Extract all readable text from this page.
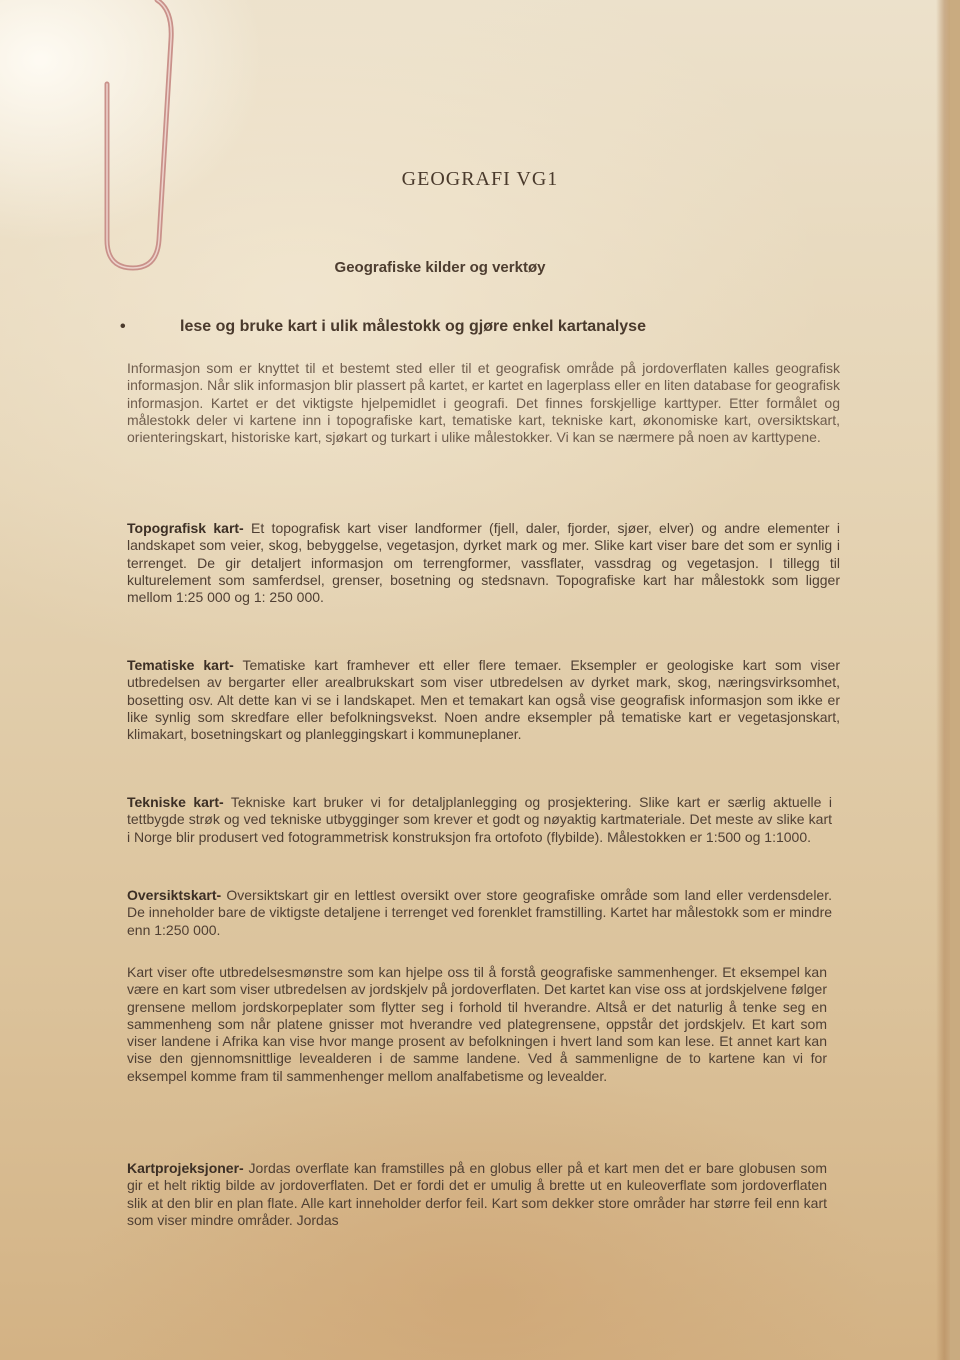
GEOGRAFI VG1
Geografiske kilder og verktøy
•	lese og bruke kart i ulik målestokk og gjøre enkel kartanalyse

Informasjon som er knyttet til et bestemt sted eller til et geografisk område på jordoverflaten kalles geografisk informasjon. Når slik informasjon blir plassert på kartet, er kartet en lagerplass eller en liten database for geografisk informasjon. Kartet er det viktigste hjelpemidlet i geografi. Det finnes forskjellige karttyper. Etter formålet og målestokk deler vi kartene inn i topografiske kart, tematiske kart, tekniske kart, økonomiske kart, oversiktskart, orienteringskart, historiske kart, sjøkart og turkart i ulike målestokker. Vi kan se nærmere på noen av karttypene.

Topografisk kart- Et topografisk kart viser landformer (fjell, daler, fjorder, sjøer, elver) og andre elementer i landskapet som veier, skog, bebyggelse, vegetasjon, dyrket mark og mer. Slike kart viser bare det som er synlig i terrenget. De gir detaljert informasjon om terrengformer, vassflater, vassdrag og vegetasjon. I tillegg til kulturelement som samferdsel, grenser, bosetning og stedsnavn. Topografiske kart har målestokk som ligger mellom 1:25 000 og 1: 250 000.

Tematiske kart- Tematiske kart framhever ett eller flere temaer. Eksempler er geologiske kart som viser utbredelsen av bergarter eller arealbrukskart som viser utbredelsen av dyrket mark, skog, næringsvirksomhet, bosetting osv. Alt dette kan vi se i landskapet. Men et temakart kan også vise geografisk informasjon som ikke er like synlig som skredfare eller befolkningsvekst. Noen andre eksempler på tematiske kart er vegetasjonskart, klimakart, bosetningskart og planleggingskart i kommuneplaner.

Tekniske kart- Tekniske kart bruker vi for detaljplanlegging og prosjektering. Slike kart er særlig aktuelle i tettbygde strøk og ved tekniske utbygginger som krever et godt og nøyaktig kartmateriale. Det meste av slike kart i Norge blir produsert ved fotogrammetrisk konstruksjon fra ortofoto (flybilde). Målestokken er 1:500 og 1:1000.

Oversiktskart- Oversiktskart gir en lettlest oversikt over store geografiske område som land eller verdensdeler. De inneholder bare de viktigste detaljene i terrenget ved forenklet framstilling. Kartet har målestokk som er mindre enn 1:250 000.

Kart viser ofte utbredelsesmønstre som kan hjelpe oss til å forstå geografiske sammenhenger. Et eksempel kan være en kart som viser utbredelsen av jordskjelv på jordoverflaten. Det kartet kan vise oss at jordskjelvene følger grensene mellom jordskorpeplater som flytter seg i forhold til hverandre. Altså er det naturlig å tenke seg en sammenheng som når platene gnisser mot hverandre ved plategrensene, oppstår det jordskjelv. Et kart som viser landene i Afrika kan vise hvor mange prosent av befolkningen i hvert land som kan lese. Et annet kart kan vise den gjennomsnittlige levealderen i de samme landene. Ved å sammenligne de to kartene kan vi for eksempel komme fram til sammenhenger mellom analfabetisme og levealder.

Kartprojeksjoner- Jordas overflate kan framstilles på en globus eller på et kart men det er bare globusen som gir et helt riktig bilde av jordoverflaten. Det er fordi det er umulig å brette ut en kuleoverflate som jordoverflaten slik at den blir en plan flate. Alle kart inneholder derfor feil. Kart som dekker store områder har større feil enn kart som viser mindre områder. Jordas
